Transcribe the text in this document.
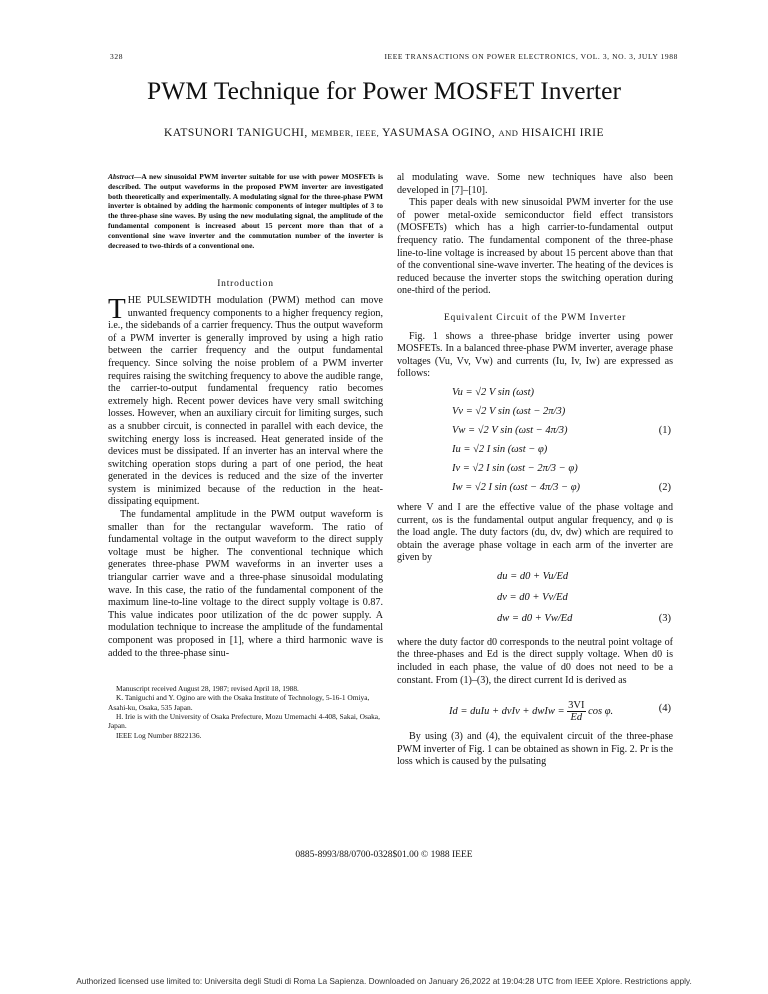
328	IEEE TRANSACTIONS ON POWER ELECTRONICS, VOL. 3, NO. 3, JULY 1988
PWM Technique for Power MOSFET Inverter
KATSUNORI TANIGUCHI, MEMBER, IEEE, YASUMASA OGINO, AND HISAICHI IRIE

Abstract—A new sinusoidal PWM inverter suitable for use with power MOSFETs is described. The output waveforms in the proposed PWM inverter are investigated both theoretically and experimentally. A modulating signal for the three-phase PWM inverter is obtained by adding the harmonic components of integer multiples of 3 to the three-phase sine waves. By using the new modulating signal, the amplitude of the fundamental component is increased about 15 percent more than that of a conventional sine wave inverter and the commutation number of the inverter is decreased to two-thirds of a conventional one.

Introduction

THE PULSEWIDTH modulation (PWM) method can move unwanted frequency components to a higher frequency region, i.e., the sidebands of a carrier frequency. Thus the output waveform of a PWM inverter is generally improved by using a high ratio between the carrier frequency and the output fundamental frequency. Since solving the noise problem of a PWM inverter requires raising the switching frequency to above the audible range, the carrier-to-output fundamental frequency ratio becomes extremely high. Recent power devices have very small switching losses. However, when an auxiliary circuit for limiting surges, such as a snubber circuit, is connected in parallel with each device, the switching energy loss is increased. Heat generated inside of the devices must be dissipated. If an inverter has an interval where the switching operation stops during a part of one period, the heat generated in the devices is reduced and the size of the inverter system is minimized because of the reduction in the heat-dissipating equipment.

The fundamental amplitude in the PWM output waveform is smaller than for the rectangular waveform. The ratio of fundamental voltage in the output waveform to the direct supply voltage must be higher. The conventional technique which generates three-phase PWM waveforms in an inverter uses a triangular carrier wave and a three-phase sinusoidal modulating wave. In this case, the ratio of the fundamental component of the maximum line-to-line voltage to the direct supply voltage is 0.87. This value indicates poor utilization of the dc power supply. A modulation technique to increase the amplitude of the fundamental component was proposed in [1], where a third harmonic wave is added to the three-phase sinu-

Manuscript received August 28, 1987; revised April 18, 1988.

K. Taniguchi and Y. Ogino are with the Osaka Institute of Technology, 5-16-1 Omiya, Asahi-ku, Osaka, 535 Japan.

H. Irie is with the University of Osaka Prefecture, Mozu Umemachi 4-408, Sakai, Osaka, Japan.

IEEE Log Number 8822136.

al modulating wave. Some new techniques have also been developed in [7]–[10].

This paper deals with new sinusoidal PWM inverter for the use of power metal-oxide semiconductor field effect transistors (MOSFETs) which has a high carrier-to-fundamental output frequency ratio. The fundamental component of the three-phase line-to-line voltage is increased by about 15 percent above than that of the conventional sine-wave inverter. The heating of the devices is reduced because the inverter stops the switching operation during one-third of the period.

Equivalent Circuit of the PWM Inverter

Fig. 1 shows a three-phase bridge inverter using power MOSFETs. In a balanced three-phase PWM inverter, average phase voltages (Vu, Vv, Vw) and currents (Iu, Iv, Iw) are expressed as follows:

Vu = √2 V sin (ωst)
Vv = √2 V sin (ωst − 2π/3)
Vw = √2 V sin (ωst − 4π/3)	(1)
Iu = √2 I sin (ωst − φ)
Iv = √2 I sin (ωst − 2π/3 − φ)
Iw = √2 I sin (ωst − 4π/3 − φ)	(2)

where V and I are the effective value of the phase voltage and current, ωs is the fundamental output angular frequency, and φ is the load angle. The duty factors (du, dv, dw) which are required to obtain the average phase voltage in each arm of the inverter are given by

du = d0 + Vu/Ed
dv = d0 + Vv/Ed
dw = d0 + Vw/Ed	(3)

where the duty factor d0 corresponds to the neutral point voltage of the three-phases and Ed is the direct supply voltage. When d0 is included in each phase, the value of d0 does not need to be a constant. From (1)–(3), the direct current Id is derived as

Id = duIu + dvIv + dwIw = $\frac{3VI}{Ed}$ cos φ.	(4)

By using (3) and (4), the equivalent circuit of the three-phase PWM inverter of Fig. 1 can be obtained as shown in Fig. 2. Pr is the loss which is caused by the pulsating

0885-8993/88/0700-0328$01.00 © 1988 IEEE
Authorized licensed use limited to: Universita degli Studi di Roma La Sapienza. Downloaded on January 26,2022 at 19:04:28 UTC from IEEE Xplore. Restrictions apply.
